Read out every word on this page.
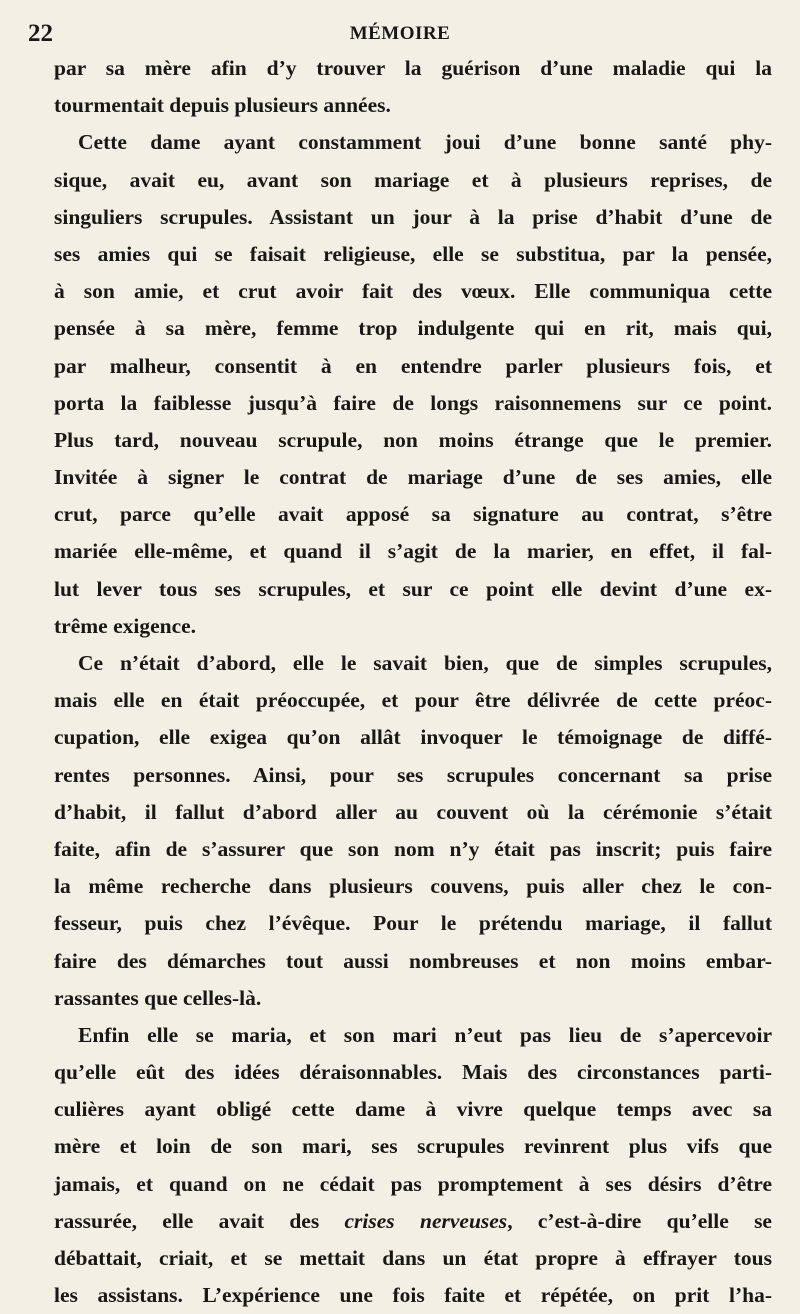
22	MÉMOIRE
par sa mère afin d’y trouver la guérison d’une maladie qui la
tourmentait depuis plusieurs années.
Cette dame ayant constamment joui d’une bonne santé phy-
sique, avait eu, avant son mariage et à plusieurs reprises, de
singuliers scrupules. Assistant un jour à la prise d’habit d’une de
ses amies qui se faisait religieuse, elle se substitua, par la pensée,
à son amie, et crut avoir fait des vœux. Elle communiqua cette
pensée à sa mère, femme trop indulgente qui en rit, mais qui,
par malheur, consentit à en entendre parler plusieurs fois, et
porta la faiblesse jusqu’à faire de longs raisonnemens sur ce point.
Plus tard, nouveau scrupule, non moins étrange que le premier.
Invitée à signer le contrat de mariage d’une de ses amies, elle
crut, parce qu’elle avait apposé sa signature au contrat, s’être
mariée elle-même, et quand il s’agit de la marier, en effet, il fal-
lut lever tous ses scrupules, et sur ce point elle devint d’une ex-
trême exigence.
Ce n’était d’abord, elle le savait bien, que de simples scrupules,
mais elle en était préoccupée, et pour être délivrée de cette préoc-
cupation, elle exigea qu’on allât invoquer le témoignage de diffé-
rentes personnes. Ainsi, pour ses scrupules concernant sa prise
d’habit, il fallut d’abord aller au couvent où la cérémonie s’était
faite, afin de s’assurer que son nom n’y était pas inscrit; puis faire
la même recherche dans plusieurs couvens, puis aller chez le con-
fesseur, puis chez l’évêque. Pour le prétendu mariage, il fallut
faire des démarches tout aussi nombreuses et non moins embar-
rassantes que celles-là.
Enfin elle se maria, et son mari n’eut pas lieu de s’apercevoir
qu’elle eût des idées déraisonnables. Mais des circonstances parti-
culières ayant obligé cette dame à vivre quelque temps avec sa
mère et loin de son mari, ses scrupules revinrent plus vifs que
jamais, et quand on ne cédait pas promptement à ses désirs d’être
rassurée, elle avait des crises nerveuses, c’est-à-dire qu’elle se
débattait, criait, et se mettait dans un état propre à effrayer tous
les assistans. L’expérience une fois faite et répétée, on prit l’ha-
